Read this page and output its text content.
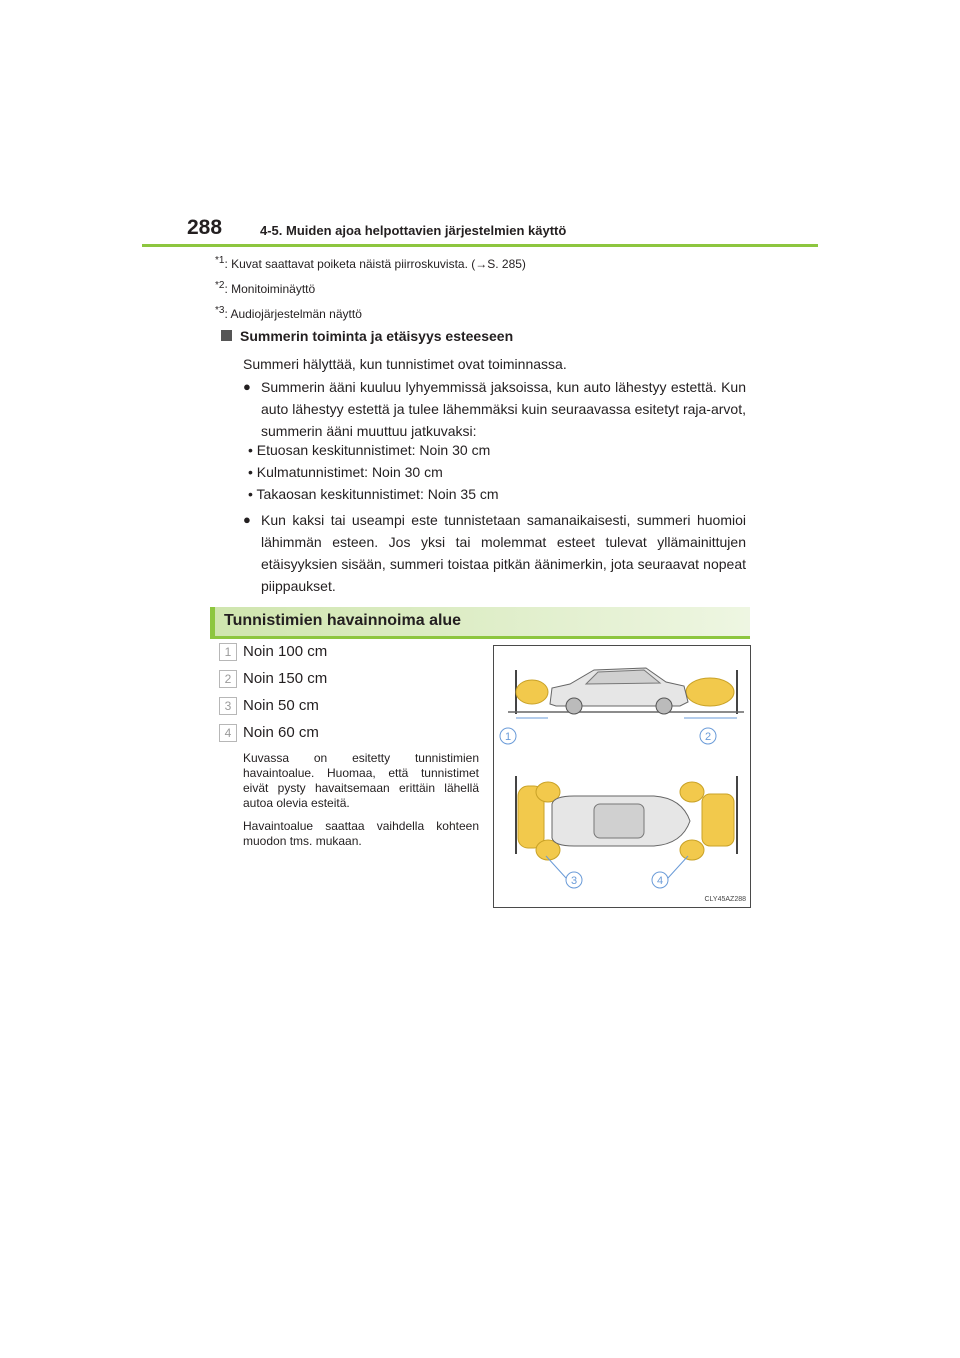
288	4-5. Muiden ajoa helpottavien järjestelmien käyttö
$^{*1}$: Kuvat saattavat poiketa näistä piirroskuvista. (→S. 285)
$^{*2}$: Monitoiminäyttö
$^{*3}$: Audiojärjestelmän näyttö
Summerin toiminta ja etäisyys esteeseen
Summeri hälyttää, kun tunnistimet ovat toiminnassa.
● Summerin ääni kuuluu lyhyemmissä jaksoissa, kun auto lähestyy estettä. Kun auto lähestyy estettä ja tulee lähemmäksi kuin seuraavassa esitetyt raja-arvot, summerin ääni muuttuu jatkuvaksi:
• Etuosan keskitunnistimet: Noin 30 cm
• Kulmatunnistimet: Noin 30 cm
• Takaosan keskitunnistimet: Noin 35 cm
● Kun kaksi tai useampi este tunnistetaan samanaikaisesti, summeri huomioi lähimmän esteen. Jos yksi tai molemmat esteet tulevat yllämainittujen etäisyyksien sisään, summeri toistaa pitkän äänimerkin, jota seuraavat nopeat piippaukset.
Tunnistimien havainnoima alue
1 Noin 100 cm
2 Noin 150 cm
3 Noin 50 cm
4 Noin 60 cm
Kuvassa on esitetty tunnistimien havaintoalue. Huomaa, että tunnistimet eivät pysty havaitsemaan erittäin lähellä autoa olevia esteitä.
Havaintoalue saattaa vaihdella kohteen muodon tms. mukaan.
1	2
3	4
CLY45AZ288
